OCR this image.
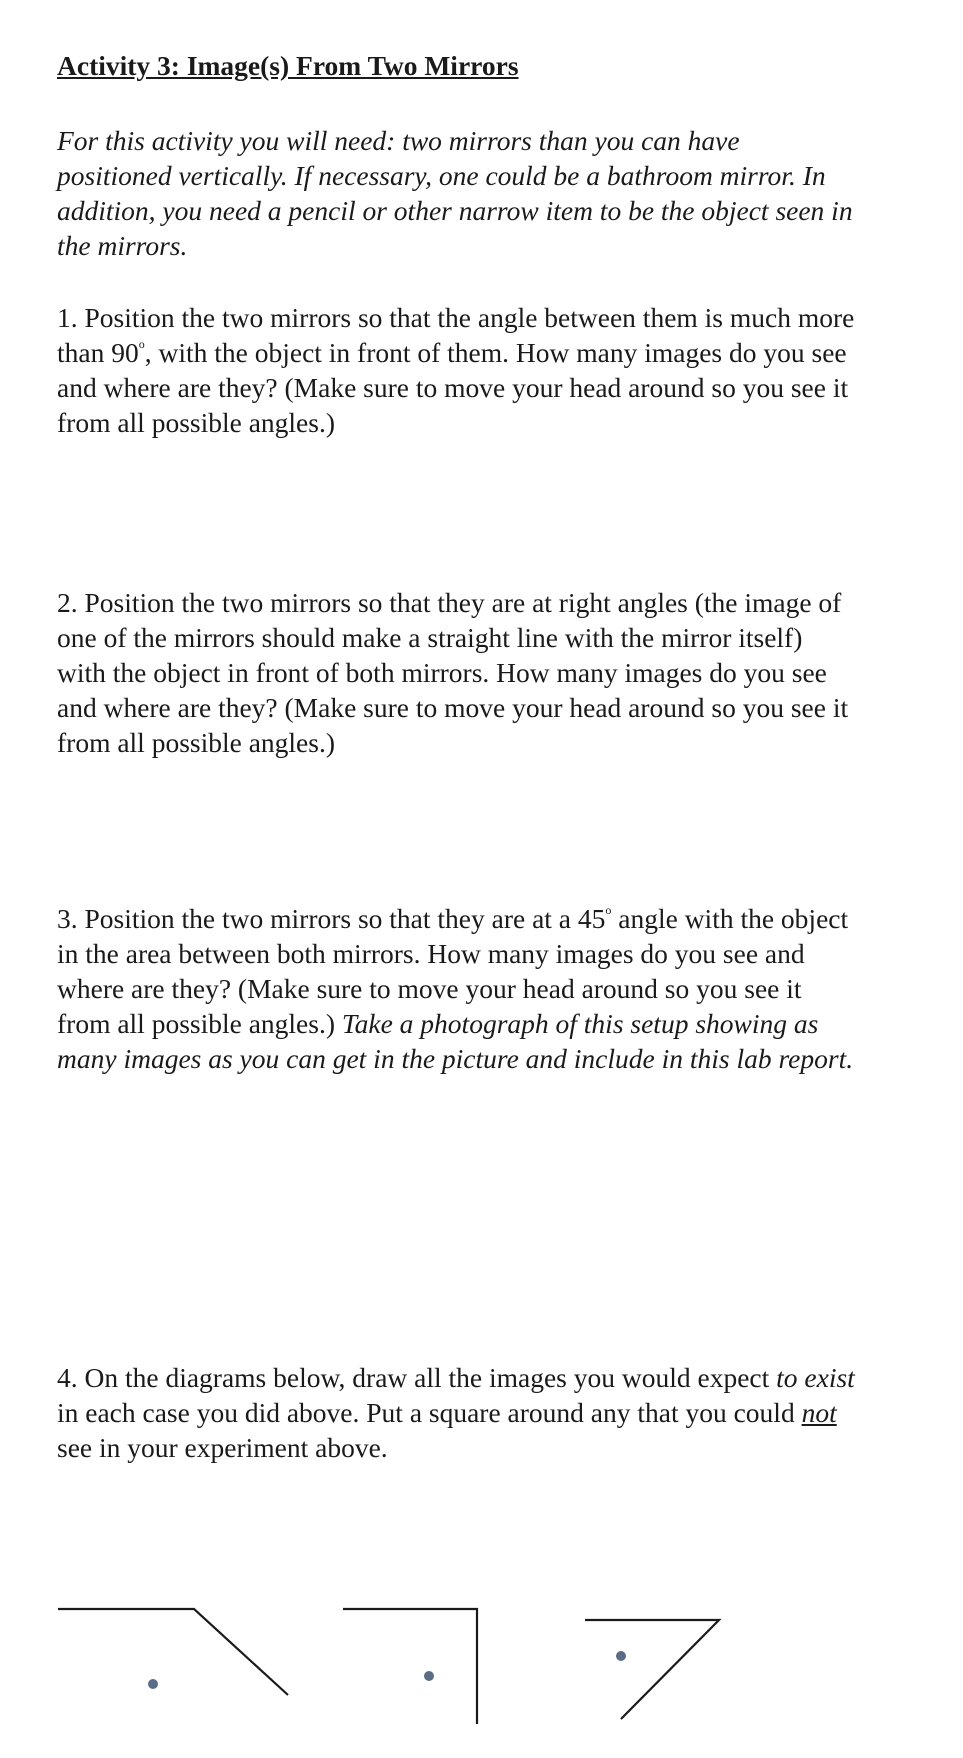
Activity 3: Image(s) From Two Mirrors

For this activity you will need: two mirrors than you can have positioned vertically. If necessary, one could be a bathroom mirror. In addition, you need a pencil or other narrow item to be the object seen in the mirrors.

1. Position the two mirrors so that the angle between them is much more than 90$^o$, with the object in front of them. How many images do you see and where are they? (Make sure to move your head around so you see it from all possible angles.)

2. Position the two mirrors so that they are at right angles (the image of one of the mirrors should make a straight line with the mirror itself) with the object in front of both mirrors. How many images do you see and where are they? (Make sure to move your head around so you see it from all possible angles.)

3. Position the two mirrors so that they are at a 45$^o$ angle with the object in the area between both mirrors. How many images do you see and where are they? (Make sure to move your head around so you see it from all possible angles.) Take a photograph of this setup showing as many images as you can get in the picture and include in this lab report.

4. On the diagrams below, draw all the images you would expect to exist in each case you did above. Put a square around any that you could not see in your experiment above.
